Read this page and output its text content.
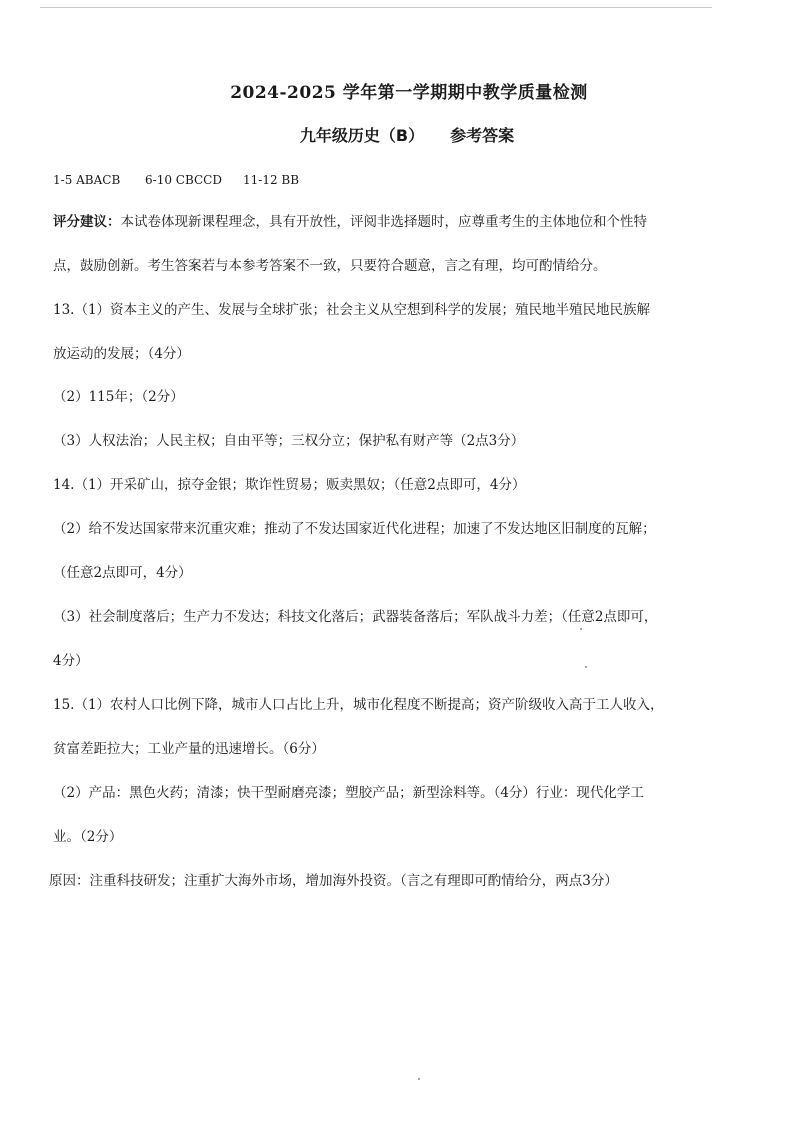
2024-2025 学年第一学期期中教学质量检测
九年级历史（B） 参考答案
1-5 ABACB 6-10 CBCCD 11-12 BB
评分建议：本试卷体现新课程理念，具有开放性，评阅非选择题时，应尊重考生的主体地位和个性特
点，鼓励创新。考生答案若与本参考答案不一致，只要符合题意，言之有理，均可酌情给分。
13.（1）资本主义的产生、发展与全球扩张；社会主义从空想到科学的发展；殖民地半殖民地民族解
放运动的发展；（4分）
（2）115年；（2分）
（3）人权法治；人民主权；自由平等；三权分立；保护私有财产等（2点3分）
14.（1）开采矿山，掠夺金银；欺诈性贸易；贩卖黑奴；（任意2点即可，4分）
（2）给不发达国家带来沉重灾难；推动了不发达国家近代化进程；加速了不发达地区旧制度的瓦解；
（任意2点即可，4分）
（3）社会制度落后；生产力不发达；科技文化落后；武器装备落后；军队战斗力差；（任意2点即可，
4分）
15.（1）农村人口比例下降，城市人口占比上升，城市化程度不断提高；资产阶级收入高于工人收入，
贫富差距拉大；工业产量的迅速增长。（6分）
（2）产品：黑色火药；清漆；快干型耐磨亮漆；塑胶产品；新型涂料等。（4分）行业：现代化学工
业。（2分）
原因：注重科技研发；注重扩大海外市场，增加海外投资。（言之有理即可酌情给分，两点3分）
